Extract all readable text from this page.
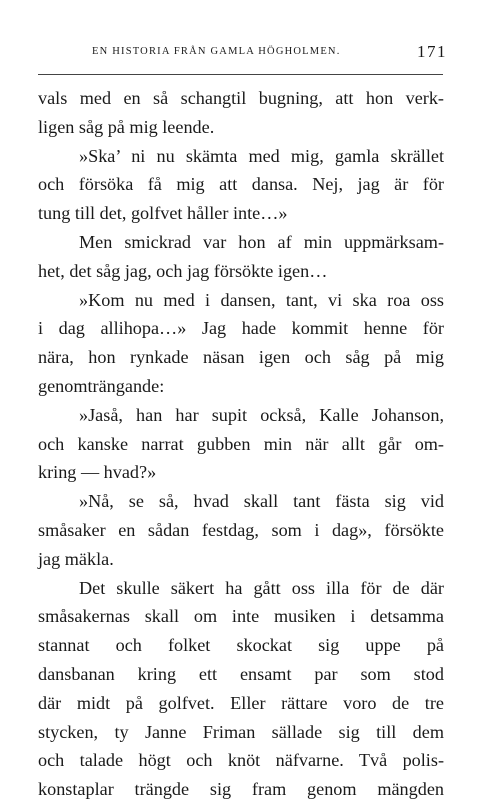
EN HISTORIA FRÅN GAMLA HÖGHOLMEN.	171
vals med en så schangtil bugning, att hon verk-
ligen såg på mig leende.
»Ska’ ni nu skämta med mig, gamla skrället
och försöka få mig att dansa. Nej, jag är för
tung till det, golfvet håller inte…»
Men smickrad var hon af min uppmärksam-
het, det såg jag, och jag försökte igen…
»Kom nu med i dansen, tant, vi ska roa oss
i dag allihopa…» Jag hade kommit henne för
nära, hon rynkade näsan igen och såg på mig
genomträngande:
»Jaså, han har supit också, Kalle Johanson,
och kanske narrat gubben min när allt går om-
kring — hvad?»
»Nå, se så, hvad skall tant fästa sig vid
småsaker en sådan festdag, som i dag», försökte
jag mäkla.
Det skulle säkert ha gått oss illa för de där
småsakernas skall om inte musiken i detsamma
stannat och folket skockat sig uppe på
dansbanan kring ett ensamt par som stod
där midt på golfvet. Eller rättare voro de tre
stycken, ty Janne Friman sällade sig till dem
och talade högt och knöt näfvarne. Två polis-
konstaplar trängde sig fram genom mängden
